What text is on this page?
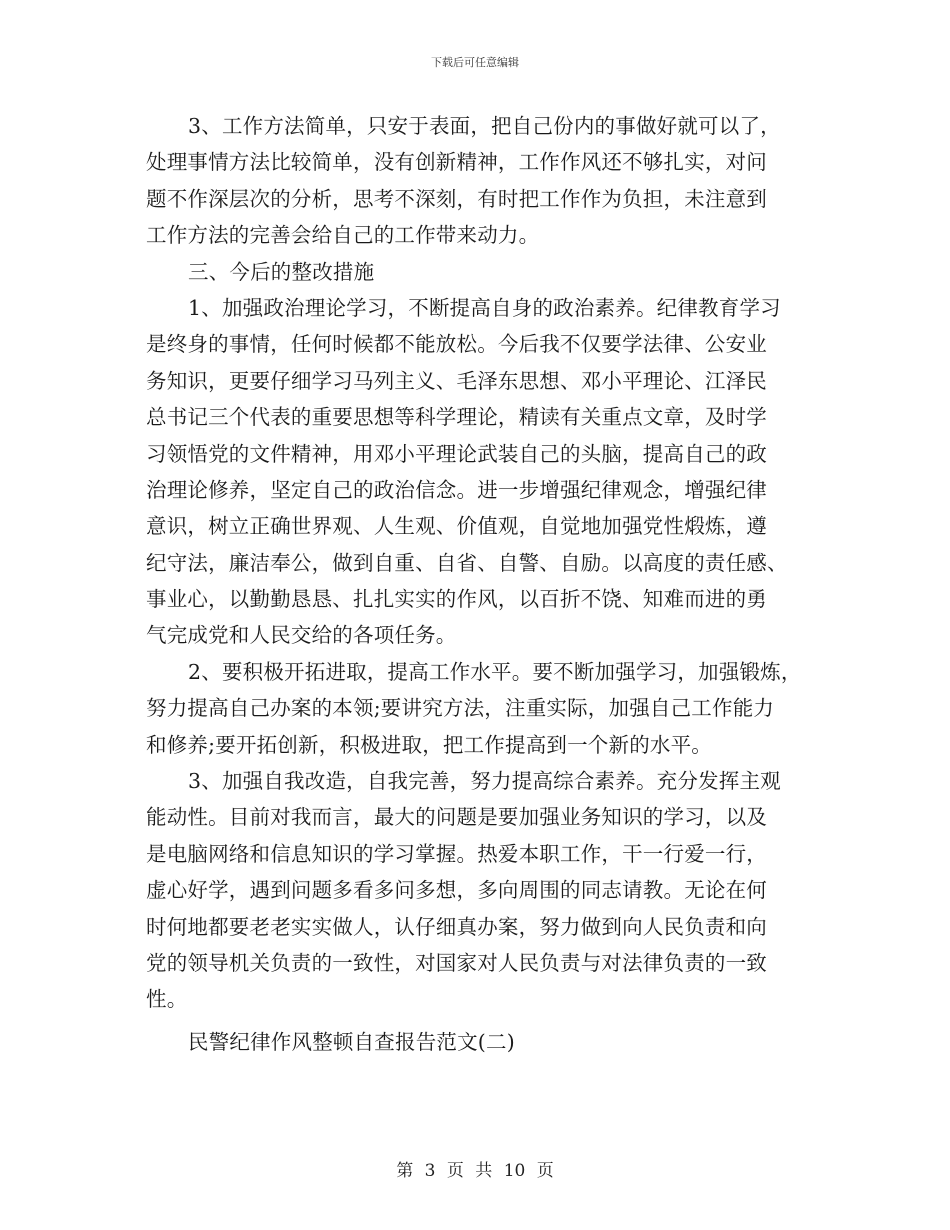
下载后可任意编辑
3、工作方法简单，只安于表面，把自己份内的事做好就可以了，
处理事情方法比较简单，没有创新精神，工作作风还不够扎实，对问
题不作深层次的分析，思考不深刻，有时把工作作为负担，未注意到
工作方法的完善会给自己的工作带来动力。
三、今后的整改措施
1、加强政治理论学习，不断提高自身的政治素养。纪律教育学习
是终身的事情，任何时候都不能放松。今后我不仅要学法律、公安业
务知识，更要仔细学习马列主义、毛泽东思想、邓小平理论、江泽民
总书记三个代表的重要思想等科学理论，精读有关重点文章，及时学
习领悟党的文件精神，用邓小平理论武装自己的头脑，提高自己的政
治理论修养，坚定自己的政治信念。进一步增强纪律观念，增强纪律
意识，树立正确世界观、人生观、价值观，自觉地加强党性煅炼，遵
纪守法，廉洁奉公，做到自重、自省、自警、自励。以高度的责任感、
事业心，以勤勤恳恳、扎扎实实的作风，以百折不饶、知难而进的勇
气完成党和人民交给的各项任务。
2、要积极开拓进取，提高工作水平。要不断加强学习，加强锻炼，
努力提高自己办案的本领;要讲究方法，注重实际，加强自己工作能力
和修养;要开拓创新，积极进取，把工作提高到一个新的水平。
3、加强自我改造，自我完善，努力提高综合素养。充分发挥主观
能动性。目前对我而言，最大的问题是要加强业务知识的学习，以及
是电脑网络和信息知识的学习掌握。热爱本职工作，干一行爱一行，
虚心好学，遇到问题多看多问多想，多向周围的同志请教。无论在何
时何地都要老老实实做人，认仔细真办案，努力做到向人民负责和向
党的领导机关负责的一致性，对国家对人民负责与对法律负责的一致
性。
民警纪律作风整顿自查报告范文(二)
第 3 页 共 10 页
